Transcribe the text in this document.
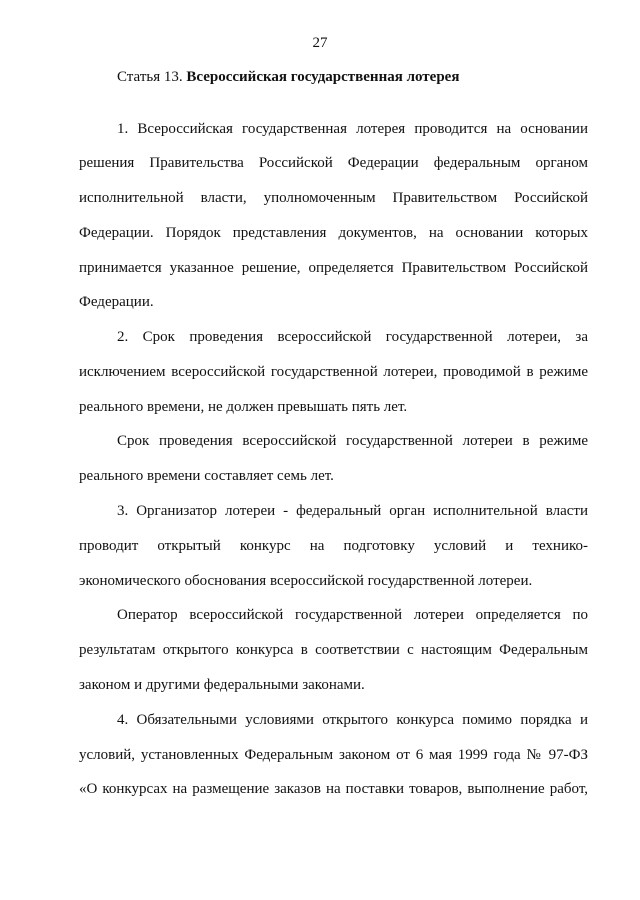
27
Статья 13. Всероссийская государственная лотерея
1. Всероссийская государственная лотерея проводится на основании
решения Правительства Российской Федерации федеральным органом
исполнительной власти, уполномоченным Правительством Российской
Федерации. Порядок представления документов, на основании которых
принимается указанное решение, определяется Правительством Российской
Федерации.
2. Срок проведения всероссийской государственной лотереи, за
исключением всероссийской государственной лотереи, проводимой в режиме
реального времени, не должен превышать пять лет.
Срок проведения всероссийской государственной лотереи в режиме
реального времени составляет семь лет.
3. Организатор лотереи - федеральный орган исполнительной власти
проводит открытый конкурс на подготовку условий и технико-
экономического обоснования всероссийской государственной лотереи.
Оператор всероссийской государственной лотереи определяется по
результатам открытого конкурса в соответствии с настоящим Федеральным
законом и другими федеральными законами.
4. Обязательными условиями открытого конкурса помимо порядка и
условий, установленных Федеральным законом от 6 мая 1999 года № 97-ФЗ
«О конкурсах на размещение заказов на поставки товаров, выполнение работ,
